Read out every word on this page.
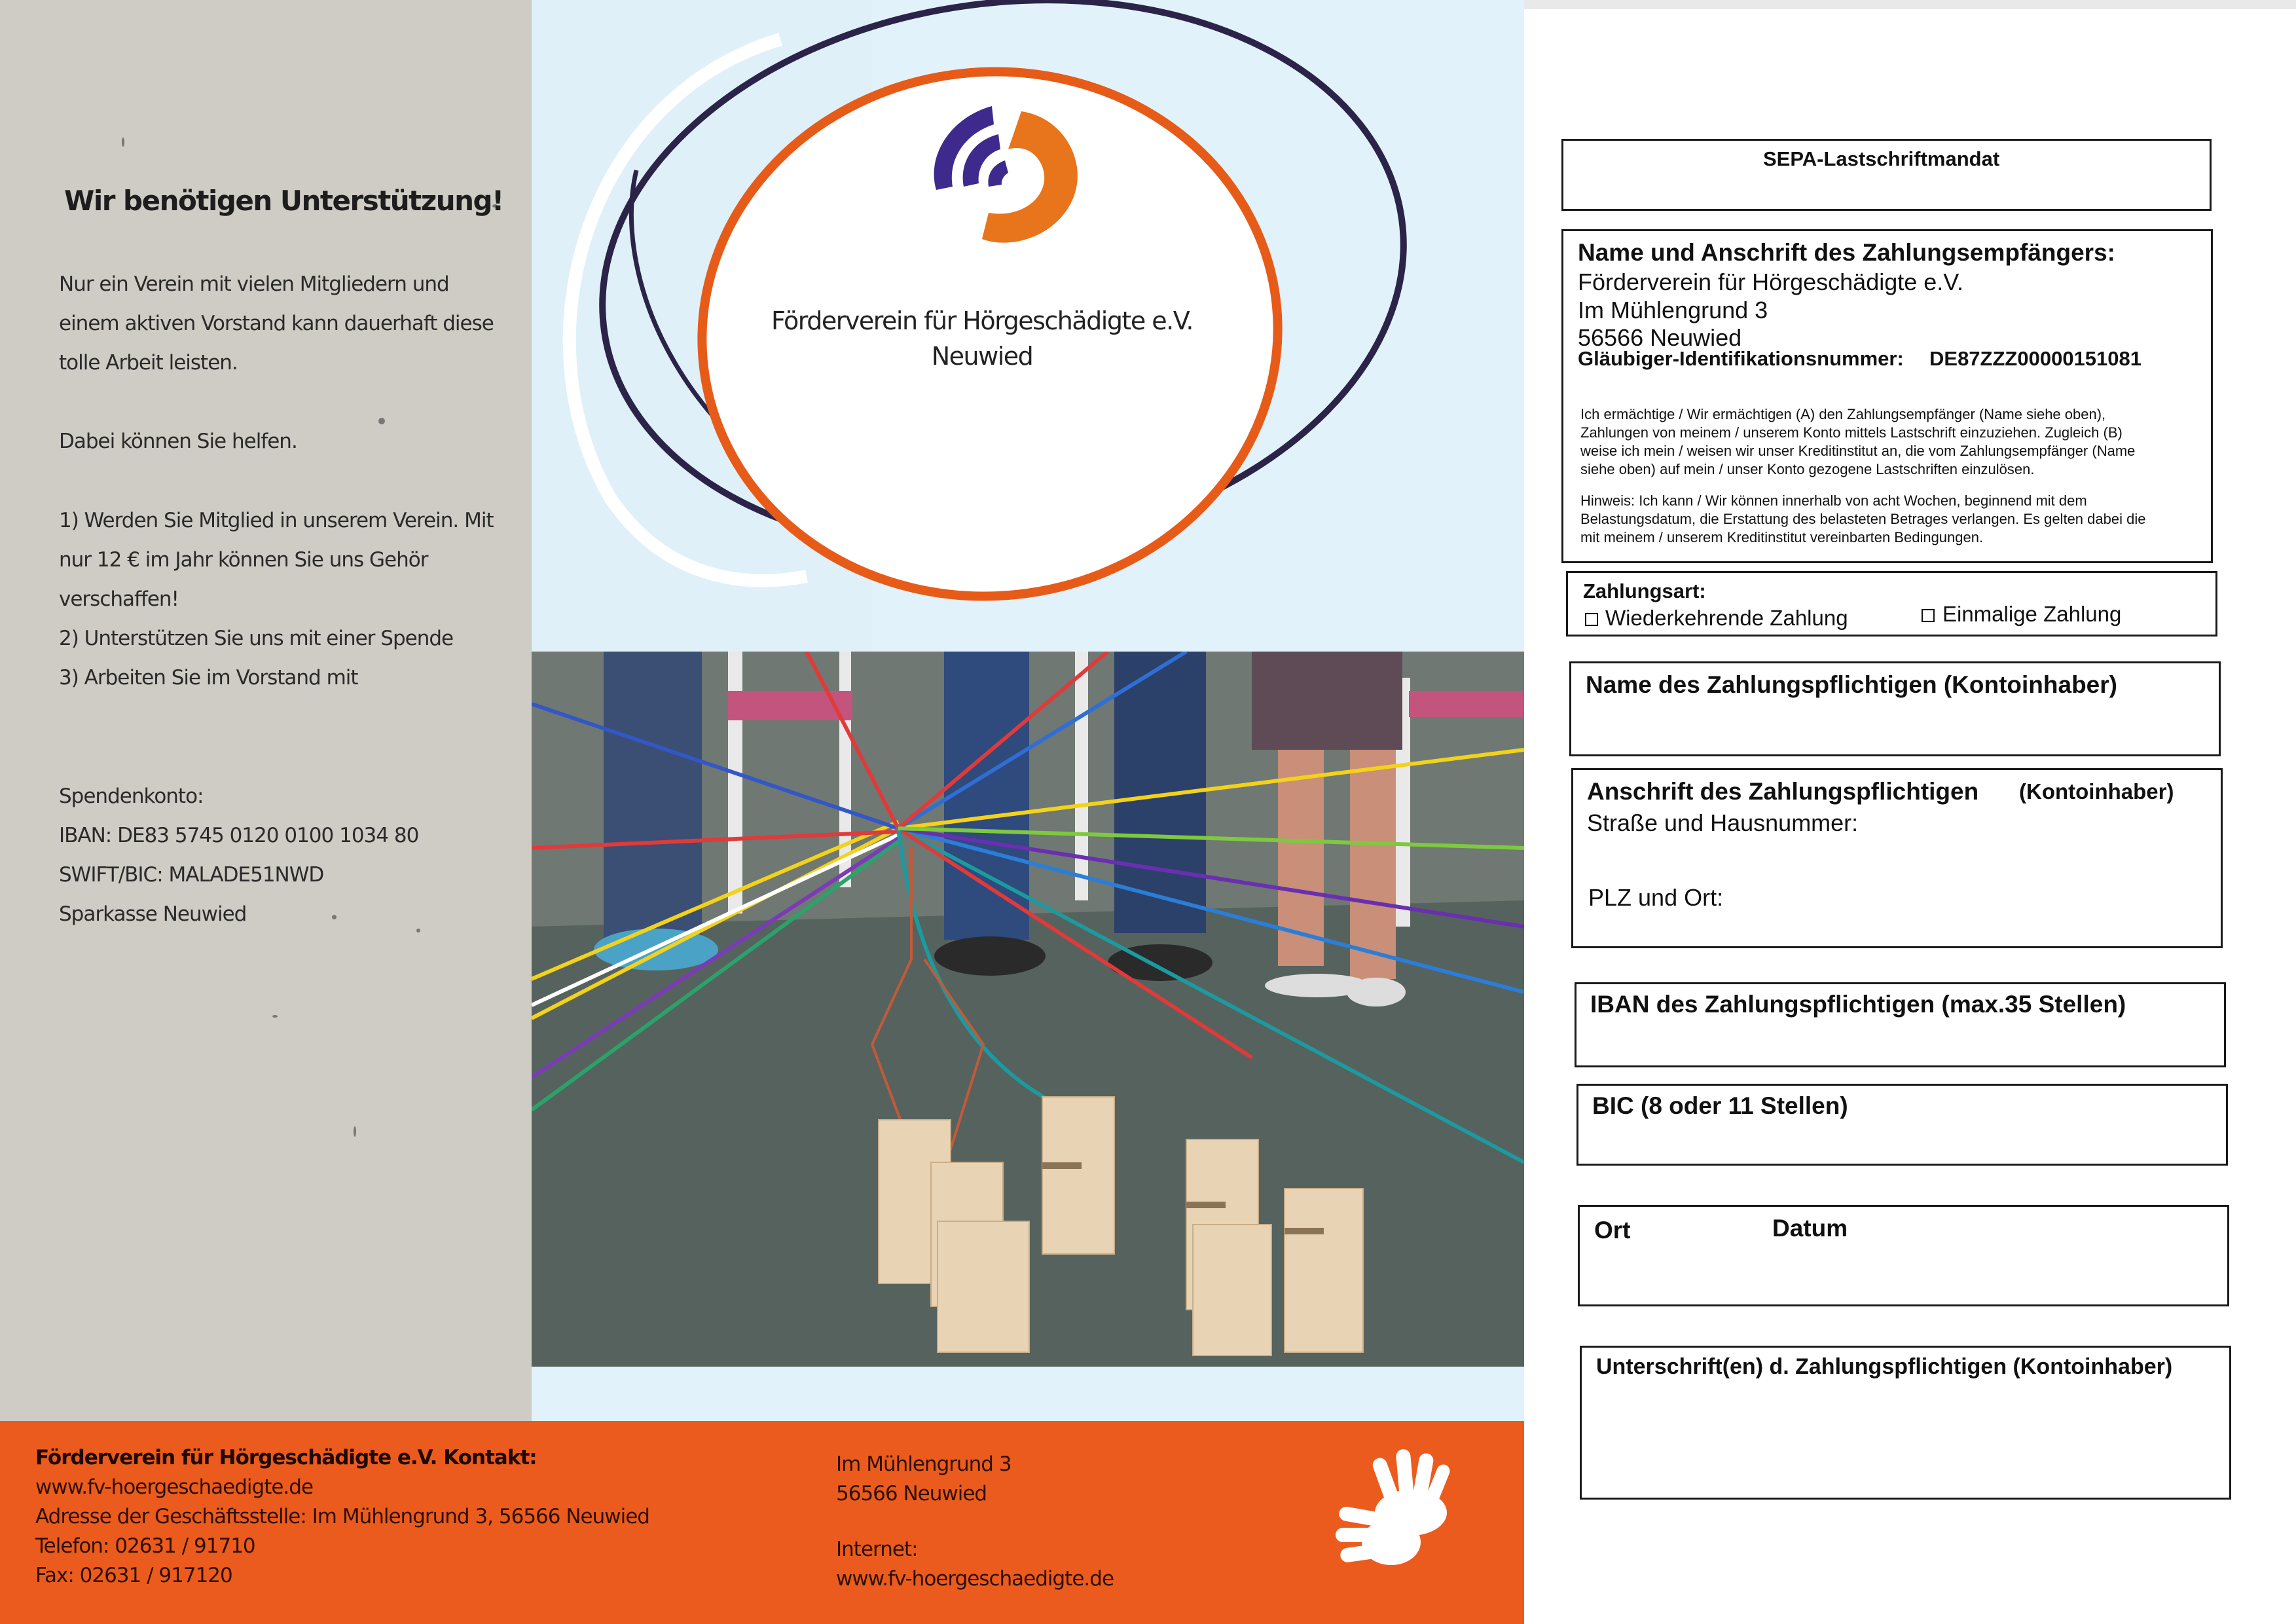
Wir benötigen Unterstützung!
Nur ein Verein mit vielen Mitgliedern und
einem aktiven Vorstand kann dauerhaft diese
tolle Arbeit leisten.
Dabei können Sie helfen.
1) Werden Sie Mitglied in unserem Verein. Mit
nur 12 € im Jahr können Sie uns Gehör
verschaffen!
2) Unterstützen Sie uns mit einer Spende
3) Arbeiten Sie im Vorstand mit
Spendenkonto:
IBAN: DE83 5745 0120 0100 1034 80
SWIFT/BIC: MALADE51NWD
Sparkasse Neuwied
Förderverein für Hörgeschädigte e.V.
Neuwied
Förderverein für Hörgeschädigte e.V. Kontakt:
www.fv-hoergeschaedigte.de
Adresse der Geschäftsstelle: Im Mühlengrund 3, 56566 Neuwied
Telefon: 02631 / 91710
Fax: 02631 / 917120
Im Mühlengrund 3
56566 Neuwied
Internet:
www.fv-hoergeschaedigte.de
SEPA-Lastschriftmandat
Name und Anschrift des Zahlungsempfängers:
Förderverein für Hörgeschädigte e.V.
Im Mühlengrund 3
56566 Neuwied
Gläubiger-Identifikationsnummer: DE87ZZZ00000151081
Ich ermächtige / Wir ermächtigen (A) den Zahlungsempfänger (Name siehe oben),
Zahlungen von meinem / unserem Konto mittels Lastschrift einzuziehen. Zugleich (B)
weise ich mein / weisen wir unser Kreditinstitut an, die vom Zahlungsempfänger (Name
siehe oben) auf mein / unser Konto gezogene Lastschriften einzulösen.
Hinweis: Ich kann / Wir können innerhalb von acht Wochen, beginnend mit dem
Belastungsdatum, die Erstattung des belasteten Betrages verlangen. Es gelten dabei die
mit meinem / unserem Kreditinstitut vereinbarten Bedingungen.
Zahlungsart:
Wiederkehrende Zahlung	Einmalige Zahlung
Name des Zahlungspflichtigen (Kontoinhaber)
Anschrift des Zahlungspflichtigen (Kontoinhaber)
Straße und Hausnummer:
PLZ und Ort:
IBAN des Zahlungspflichtigen (max.35 Stellen)
BIC (8 oder 11 Stellen)
Ort	Datum
Unterschrift(en) d. Zahlungspflichtigen (Kontoinhaber)
